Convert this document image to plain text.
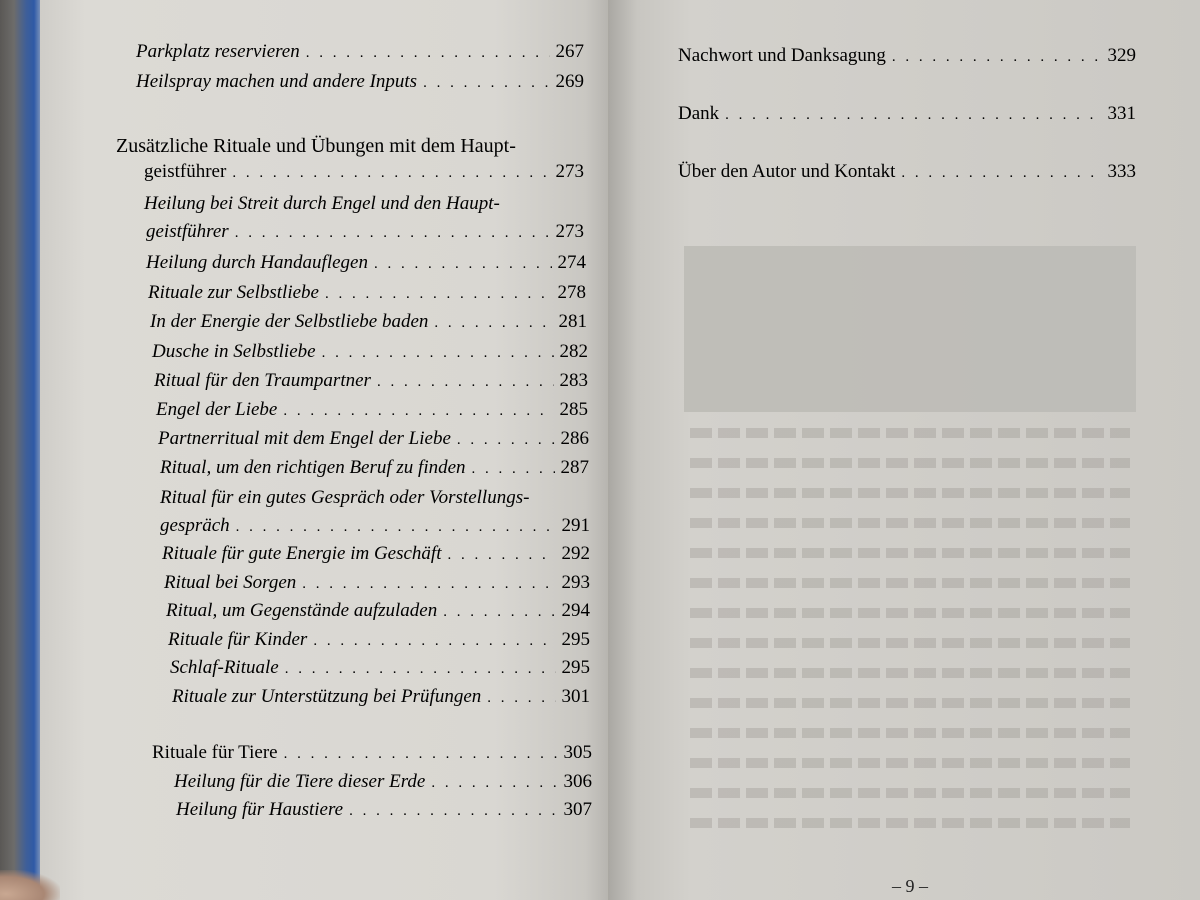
Parkplatz reservieren . . .	267
Heilspray machen und andere Inputs . . .	269
Zusätzliche Rituale und Übungen mit dem Haupt-
geistführer . . .	273
Heilung bei Streit durch Engel und den Haupt-
geistführer . . .	273
Heilung durch Handauflegen . . .	274
Rituale zur Selbstliebe . . .	278
In der Energie der Selbstliebe baden . . .	281
Dusche in Selbstliebe . . .	282
Ritual für den Traumpartner . . .	283
Engel der Liebe . . .	285
Partnerritual mit dem Engel der Liebe . . .	286
Ritual, um den richtigen Beruf zu finden . . .	287
Ritual für ein gutes Gespräch oder Vorstellungs-
gespräch . . .	291
Rituale für gute Energie im Geschäft . . .	292
Ritual bei Sorgen . . .	293
Ritual, um Gegenstände aufzuladen . . .	294
Rituale für Kinder . . .	295
Schlaf-Rituale . . .	295
Rituale zur Unterstützung bei Prüfungen . . .	301
Rituale für Tiere . . .	305
Heilung für die Tiere dieser Erde . . .	306
Heilung für Haustiere . . .	307
Nachwort und Danksagung . . .	329
Dank . . .	331
Über den Autor und Kontakt . . .	333
– 9 –
